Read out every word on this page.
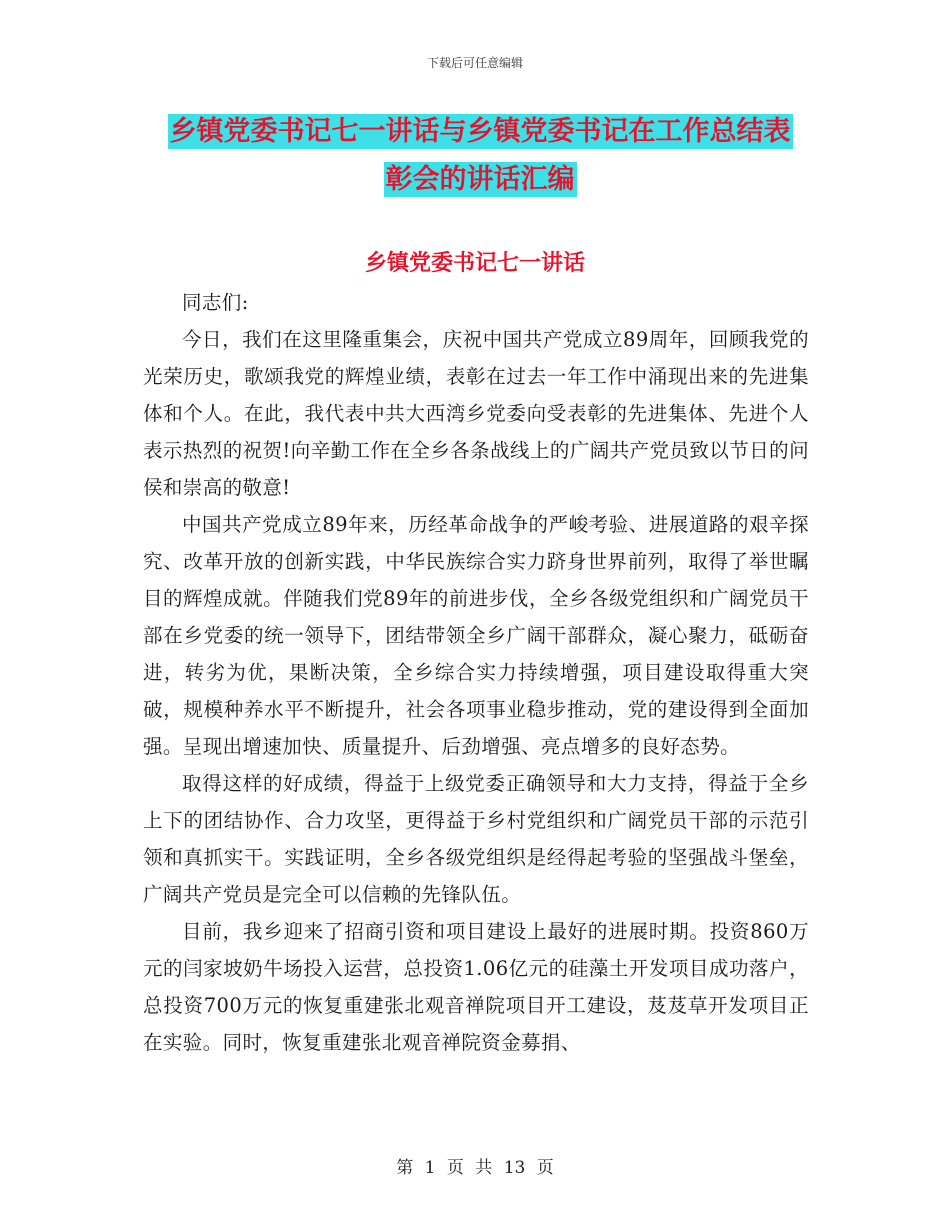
下载后可任意编辑
乡镇党委书记七一讲话与乡镇党委书记在工作总结表
彰会的讲话汇编
乡镇党委书记七一讲话

同志们:

今日，我们在这里隆重集会，庆祝中国共产党成立89周年，回顾我党的光荣历史，歌颂我党的辉煌业绩，表彰在过去一年工作中涌现出来的先进集体和个人。在此，我代表中共大西湾乡党委向受表彰的先进集体、先进个人表示热烈的祝贺!向辛勤工作在全乡各条战线上的广阔共产党员致以节日的问侯和崇高的敬意!

中国共产党成立89年来，历经革命战争的严峻考验、进展道路的艰辛探究、改革开放的创新实践，中华民族综合实力跻身世界前列，取得了举世瞩目的辉煌成就。伴随我们党89年的前进步伐，全乡各级党组织和广阔党员干部在乡党委的统一领导下，团结带领全乡广阔干部群众，凝心聚力，砥砺奋进，转劣为优，果断决策，全乡综合实力持续增强，项目建设取得重大突破，规模种养水平不断提升，社会各项事业稳步推动，党的建设得到全面加强。呈现出增速加快、质量提升、后劲增强、亮点增多的良好态势。

取得这样的好成绩，得益于上级党委正确领导和大力支持，得益于全乡上下的团结协作、合力攻坚，更得益于乡村党组织和广阔党员干部的示范引领和真抓实干。实践证明，全乡各级党组织是经得起考验的坚强战斗堡垒，广阔共产党员是完全可以信赖的先锋队伍。

目前，我乡迎来了招商引资和项目建设上最好的进展时期。投资860万元的闫家坡奶牛场投入运营，总投资1.06亿元的硅藻土开发项目成功落户，总投资700万元的恢复重建张北观音禅院项目开工建设，芨芨草开发项目正在实验。同时，恢复重建张北观音禅院资金募捐、

第 1 页 共 13 页
